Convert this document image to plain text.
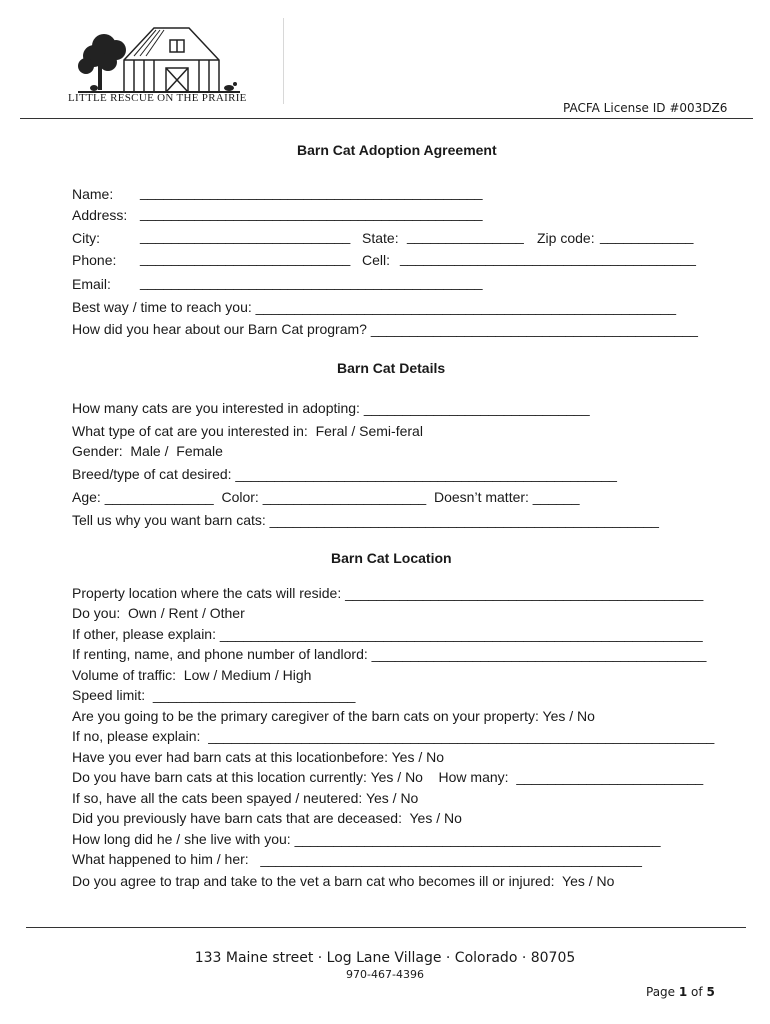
LITTLE RESCUE ON THE PRAIRIE
PACFA License ID #003DZ6
Barn Cat Adoption Agreement
Name: ____________________________________________
Address: ____________________________________________
City:	___________________________ State: _______________ Zip code: ____________
Phone: ___________________________ Cell: ______________________________________
Email: ____________________________________________
Best way / time to reach you: ______________________________________________________
How did you hear about our Barn Cat program? __________________________________________
Barn Cat Details
How many cats are you interested in adopting: _____________________________
What type of cat are you interested in:  Feral / Semi-feral
Gender:  Male /  Female
Breed/type of cat desired: _________________________________________________
Age: ______________  Color: _____________________  Doesn’t matter: ______
Tell us why you want barn cats: __________________________________________________
Barn Cat Location
Property location where the cats will reside: ______________________________________________
Do you:  Own / Rent / Other
If other, please explain: ______________________________________________________________
If renting, name, and phone number of landlord: ___________________________________________
Volume of traffic:  Low / Medium / High
Speed limit:  __________________________
Are you going to be the primary caregiver of the barn cats on your property: Yes / No
If no, please explain:  _________________________________________________________________
Have you ever had barn cats at this locationbefore: Yes / No
Do you have barn cats at this location currently: Yes / No    How many:  ________________________
If so, have all the cats been spayed / neutered: Yes / No
Did you previously have barn cats that are deceased:  Yes / No
How long did he / she live with you: _______________________________________________
What happened to him / her:   _________________________________________________
Do you agree to trap and take to the vet a barn cat who becomes ill or injured:  Yes / No
133 Maine street · Log Lane Village · Colorado · 80705
970-467-4396
Page 1 of 5
